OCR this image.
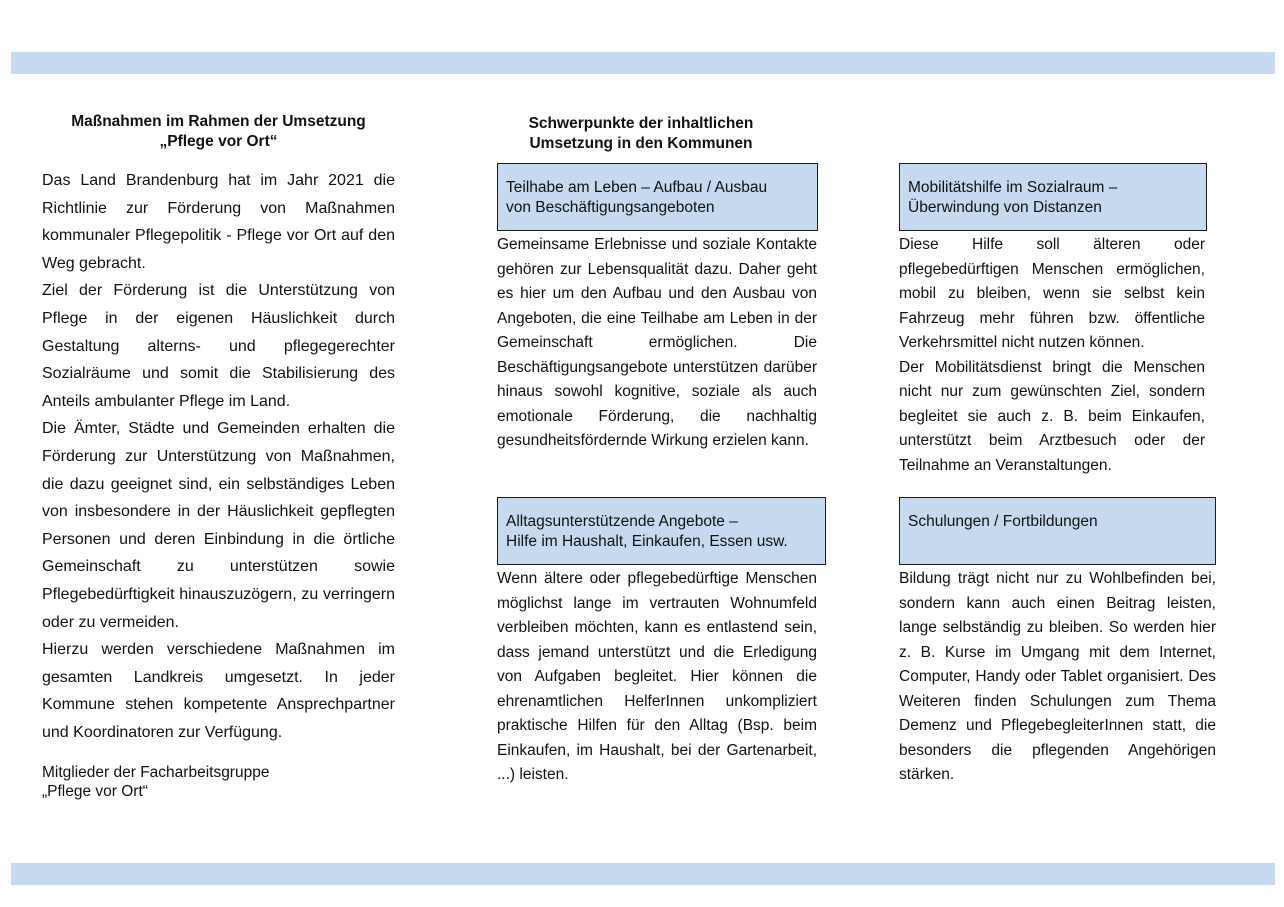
Maßnahmen im Rahmen der Umsetzung
„Pflege vor Ort“

Das Land Brandenburg hat im Jahr 2021 die Richtlinie zur Förderung von Maßnahmen kommunaler Pflegepolitik - Pflege vor Ort auf den Weg gebracht.

Ziel der Förderung ist die Unterstützung von Pflege in der eigenen Häuslichkeit durch Gestaltung alterns- und pflegegerechter Sozialräume und somit die Stabilisierung des Anteils ambulanter Pflege im Land.

Die Ämter, Städte und Gemeinden erhalten die Förderung zur Unterstützung von Maßnahmen, die dazu geeignet sind, ein selbständiges Leben von insbesondere in der Häuslichkeit gepflegten Personen und deren Einbindung in die örtliche Gemeinschaft zu unterstützen sowie Pflegebedürftigkeit hinauszuzögern, zu verringern oder zu vermeiden.

Hierzu werden verschiedene Maßnahmen im gesamten Landkreis umgesetzt. In jeder Kommune stehen kompetente Ansprechpartner und Koordinatoren zur Verfügung.

Mitglieder der Facharbeitsgruppe
„Pflege vor Ort“
Schwerpunkte der inhaltlichen
Umsetzung in den Kommunen
Teilhabe am Leben – Aufbau / Ausbau
von Beschäftigungsangeboten

Gemeinsame Erlebnisse und soziale Kontakte gehören zur Lebensqualität dazu. Daher geht es hier um den Aufbau und den Ausbau von Angeboten, die eine Teilhabe am Leben in der Gemeinschaft ermöglichen. Die Beschäftigungsangebote unterstützen darüber hinaus sowohl kognitive, soziale als auch emotionale Förderung, die nachhaltig gesundheitsfördernde Wirkung erzielen kann.

Alltagsunterstützende Angebote –
Hilfe im Haushalt, Einkaufen, Essen usw.

Wenn ältere oder pflegebedürftige Menschen möglichst lange im vertrauten Wohnumfeld verbleiben möchten, kann es entlastend sein, dass jemand unterstützt und die Erledigung von Aufgaben begleitet. Hier können die ehrenamtlichen HelferInnen unkompliziert praktische Hilfen für den Alltag (Bsp. beim Einkaufen, im Haushalt, bei der Gartenarbeit, ...) leisten.

Mobilitätshilfe im Sozialraum –
Überwindung von Distanzen
Diese Hilfe soll älteren oder pflegebedürftigen Menschen ermöglichen, mobil zu bleiben, wenn sie selbst kein Fahrzeug mehr führen bzw. öffentliche Verkehrsmittel nicht nutzen können.
Der Mobilitätsdienst bringt die Menschen nicht nur zum gewünschten Ziel, sondern begleitet sie auch z. B. beim Einkaufen, unterstützt beim Arztbesuch oder der Teilnahme an Veranstaltungen.
Schulungen / Fortbildungen

Bildung trägt nicht nur zu Wohlbefinden bei, sondern kann auch einen Beitrag leisten, lange selbständig zu bleiben. So werden hier z. B. Kurse im Umgang mit dem Internet, Computer, Handy oder Tablet organisiert. Des Weiteren finden Schulungen zum Thema Demenz und PflegebegleiterInnen statt, die besonders die pflegenden Angehörigen stärken.
